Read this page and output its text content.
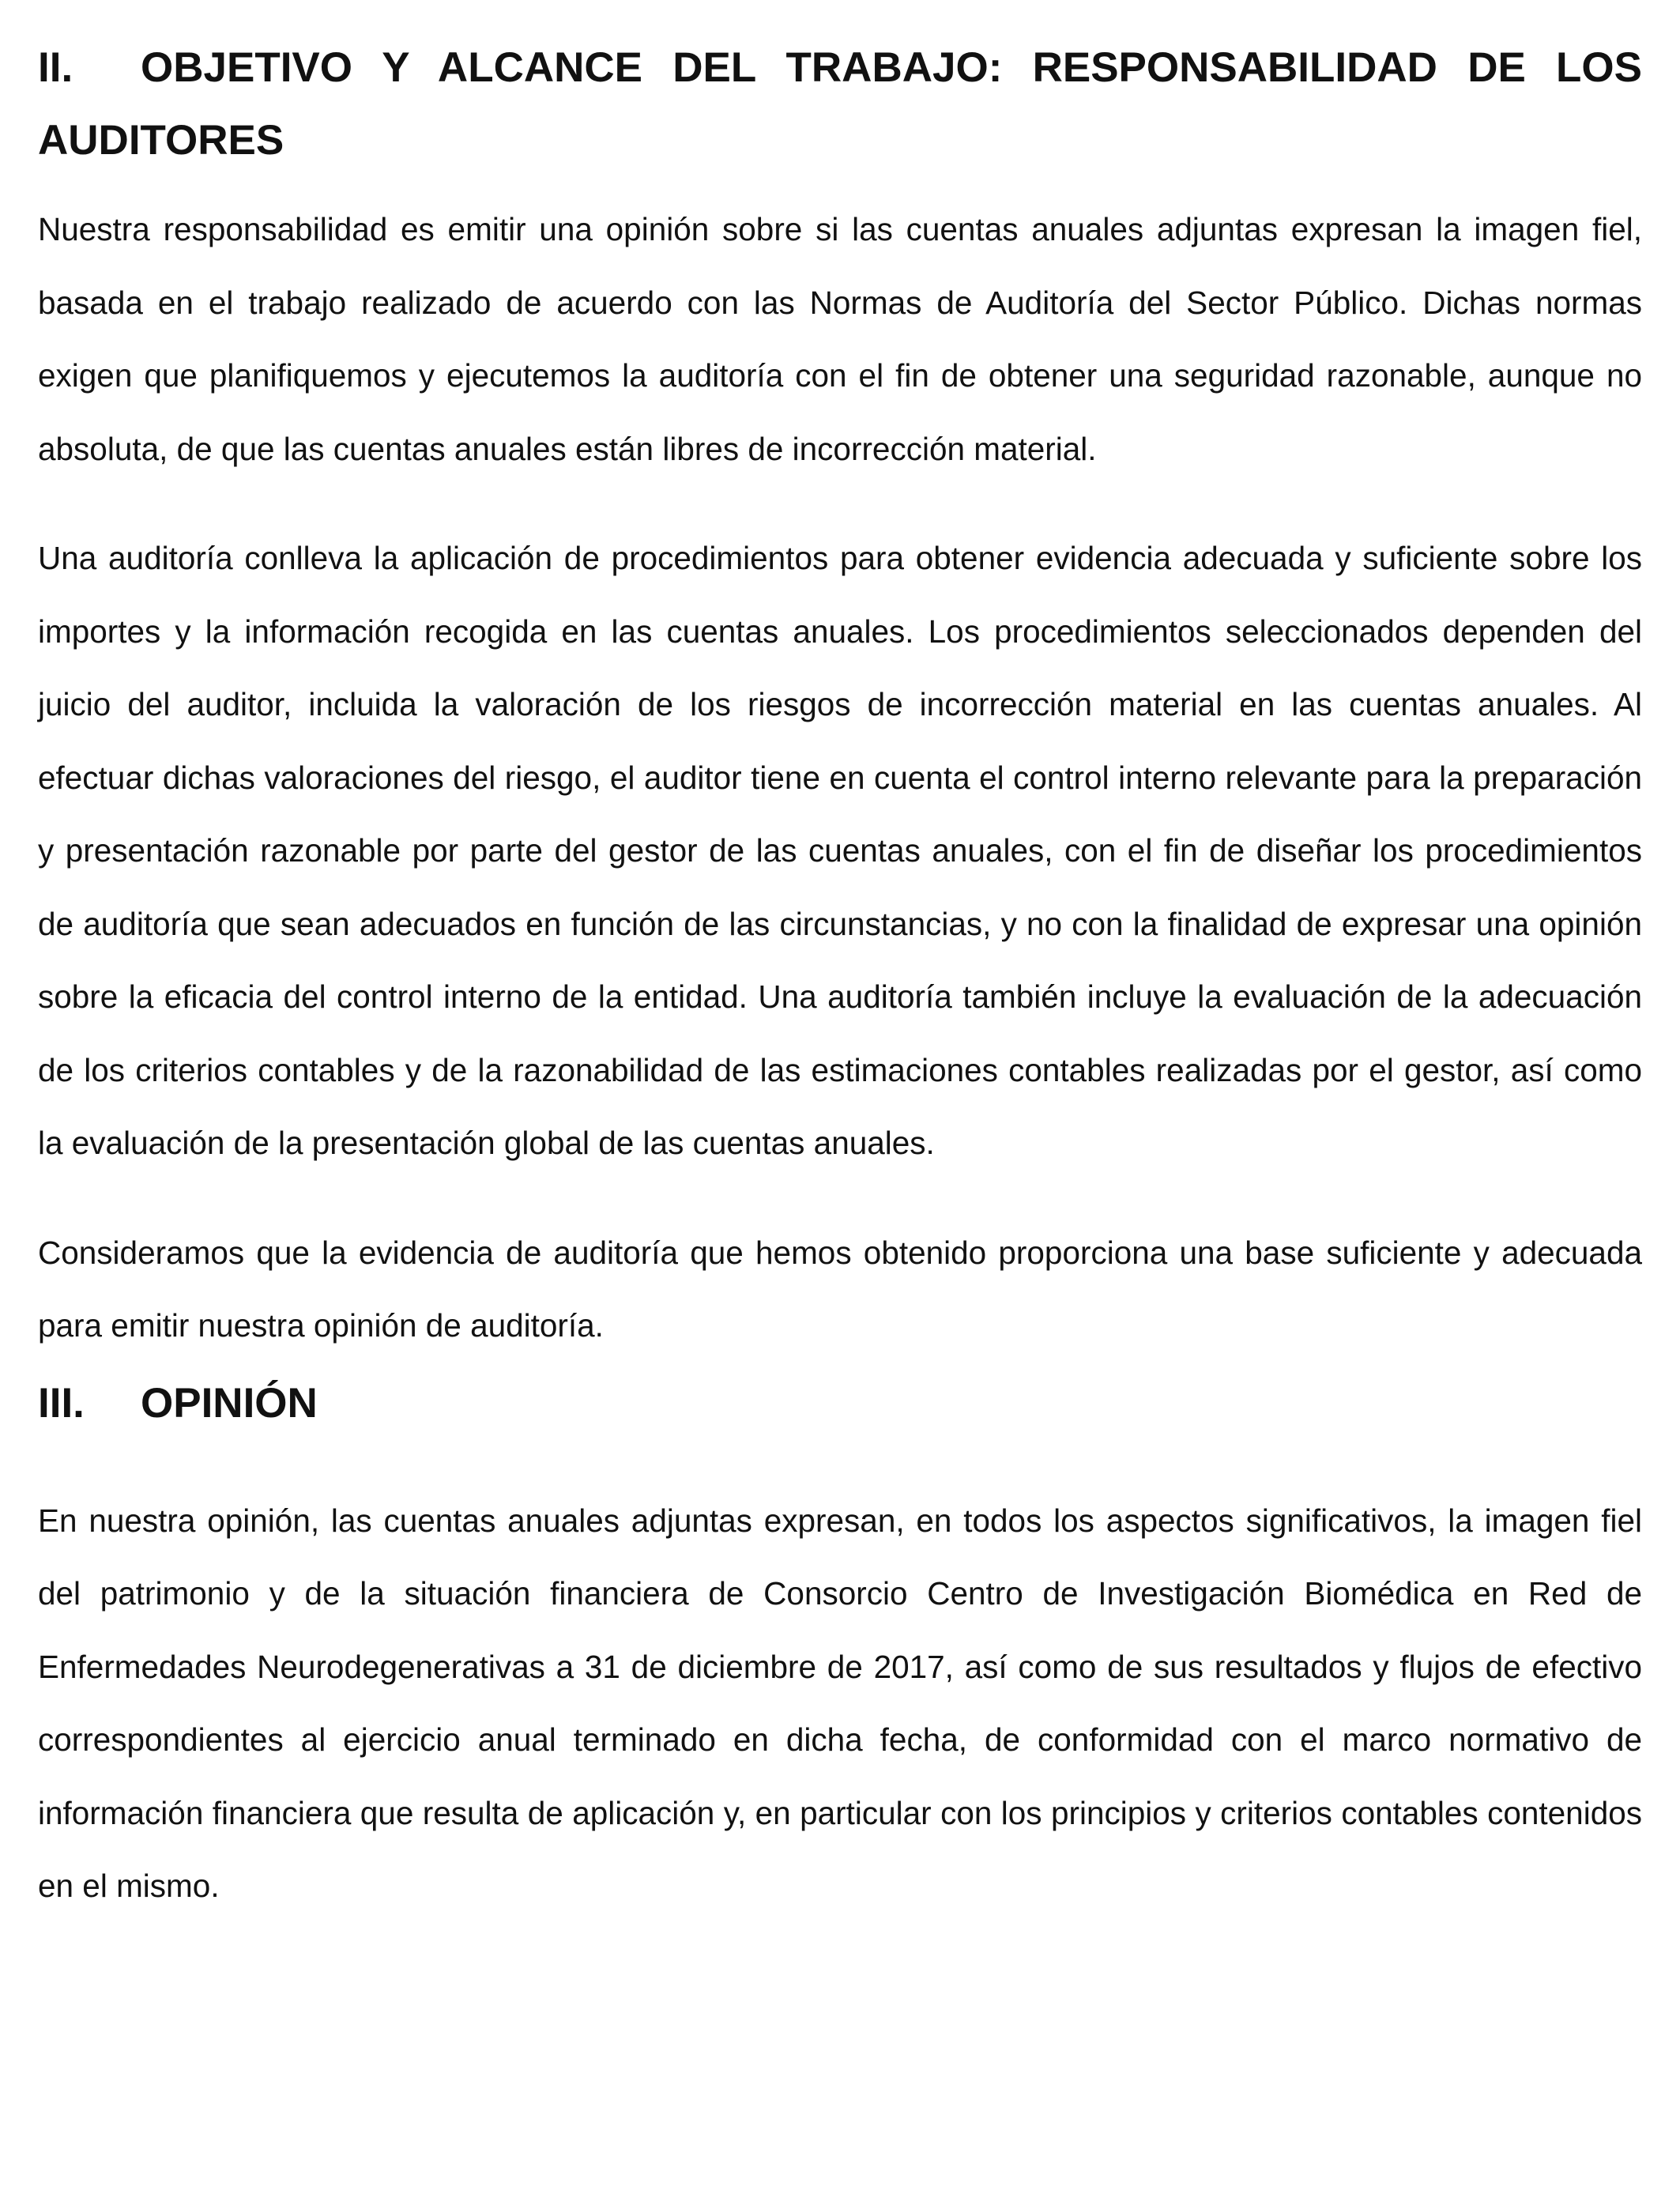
II. OBJETIVO Y ALCANCE DEL TRABAJO: RESPONSABILIDAD DE LOS AUDITORES

Nuestra responsabilidad es emitir una opinión sobre si las cuentas anuales adjuntas expresan la imagen fiel, basada en el trabajo realizado de acuerdo con las Normas de Auditoría del Sector Público. Dichas normas exigen que planifiquemos y ejecutemos la auditoría con el fin de obtener una seguridad razonable, aunque no absoluta, de que las cuentas anuales están libres de incorrección material.

Una auditoría conlleva la aplicación de procedimientos para obtener evidencia adecuada y suficiente sobre los importes y la información recogida en las cuentas anuales. Los procedimientos seleccionados dependen del juicio del auditor, incluida la valoración de los riesgos de incorrección material en las cuentas anuales. Al efectuar dichas valoraciones del riesgo, el auditor tiene en cuenta el control interno relevante para la preparación y presentación razonable por parte del gestor de las cuentas anuales, con el fin de diseñar los procedimientos de auditoría que sean adecuados en función de las circunstancias, y no con la finalidad de expresar una opinión sobre la eficacia del control interno de la entidad. Una auditoría también incluye la evaluación de la adecuación de los criterios contables y de la razonabilidad de las estimaciones contables realizadas por el gestor, así como la evaluación de la presentación global de las cuentas anuales.

Consideramos que la evidencia de auditoría que hemos obtenido proporciona una base suficiente y adecuada para emitir nuestra opinión de auditoría.

III.	OPINIÓN

En nuestra opinión, las cuentas anuales adjuntas expresan, en todos los aspectos significativos, la imagen fiel del patrimonio y de la situación financiera de Consorcio Centro de Investigación Biomédica en Red de Enfermedades Neurodegenerativas a 31 de diciembre de 2017, así como de sus resultados y flujos de efectivo correspondientes al ejercicio anual terminado en dicha fecha, de conformidad con el marco normativo de información financiera que resulta de aplicación y, en particular con los principios y criterios contables contenidos en el mismo.
